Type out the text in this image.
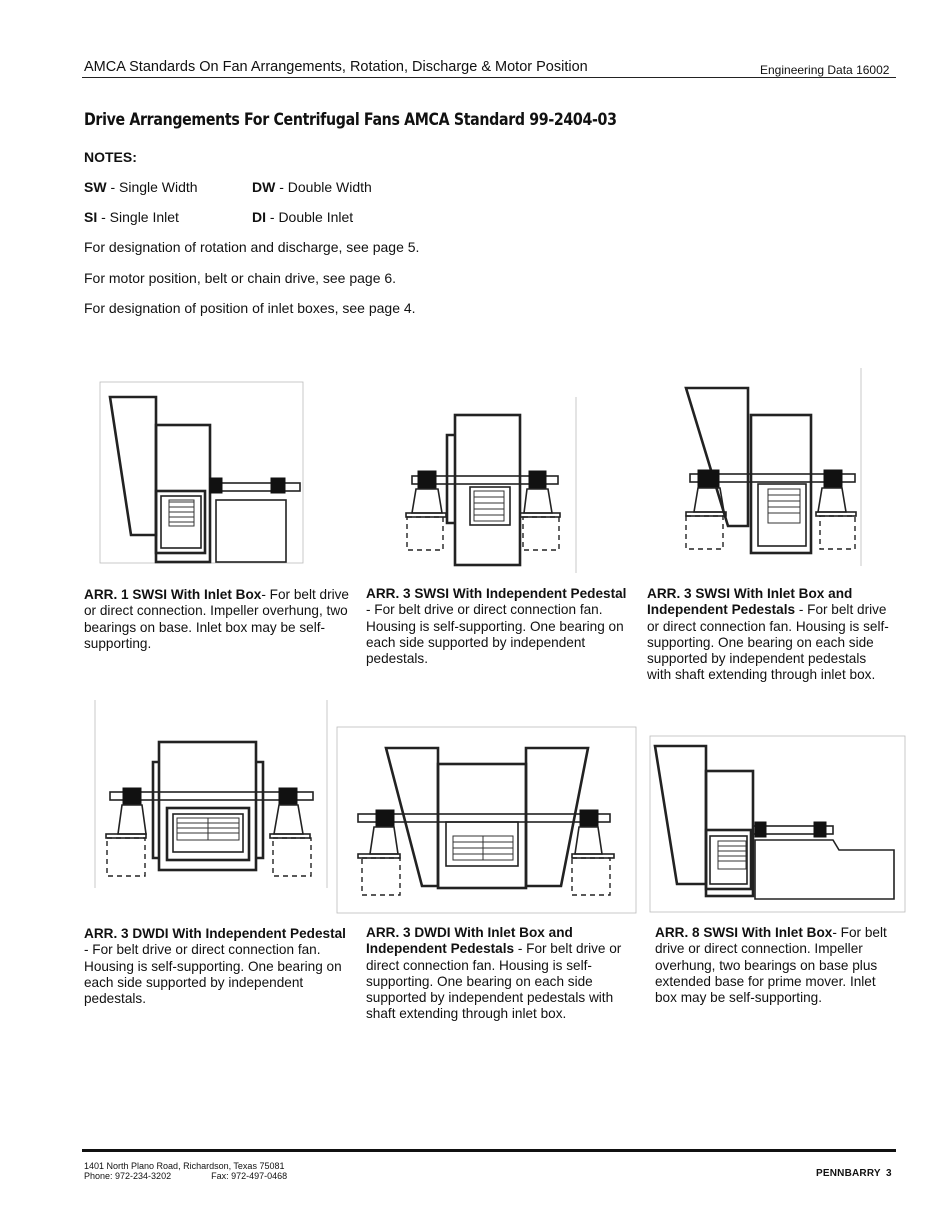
AMCA Standards On Fan Arrangements, Rotation, Discharge & Motor Position	Engineering Data 16002
Drive Arrangements For Centrifugal Fans AMCA Standard 99-2404-03
NOTES:
SW - Single Width	DW - Double Width
SI - Single Inlet	DI - Double Inlet
For designation of rotation and discharge, see page 5.
For motor position, belt or chain drive, see page 6.
For designation of position of inlet boxes, see page 4.
ARR. 1 SWSI With Inlet Box- For belt drive or direct connection. Impeller overhung, two bearings on base. Inlet box may be self-supporting.
ARR. 3 SWSI With Independent Pedestal - For belt drive or direct connection fan. Housing is self-supporting. One bearing on each side supported by independent pedestals.
ARR. 3 SWSI With Inlet Box and Independent Pedestals - For belt drive or direct connection fan. Housing is self-supporting. One bearing on each side supported by independent pedestals with shaft extending through inlet box.
ARR. 3 DWDI With Independent Pedestal - For belt drive or direct connection fan. Housing is self-supporting. One bearing on each side supported by independent pedestals.
ARR. 3 DWDI With Inlet Box and Independent Pedestals - For belt drive or direct connection fan. Housing is self-supporting. One bearing on each side supported by independent pedestals with shaft extending through inlet box.
ARR. 8 SWSI With Inlet Box- For belt drive or direct connection. Impeller overhung, two bearings on base plus extended base for prime mover. Inlet box may be self-supporting.
1401 North Plano Road, Richardson, Texas 75081
Phone: 972-234-3202	Fax: 972-497-0468	PENNBARRY 3
